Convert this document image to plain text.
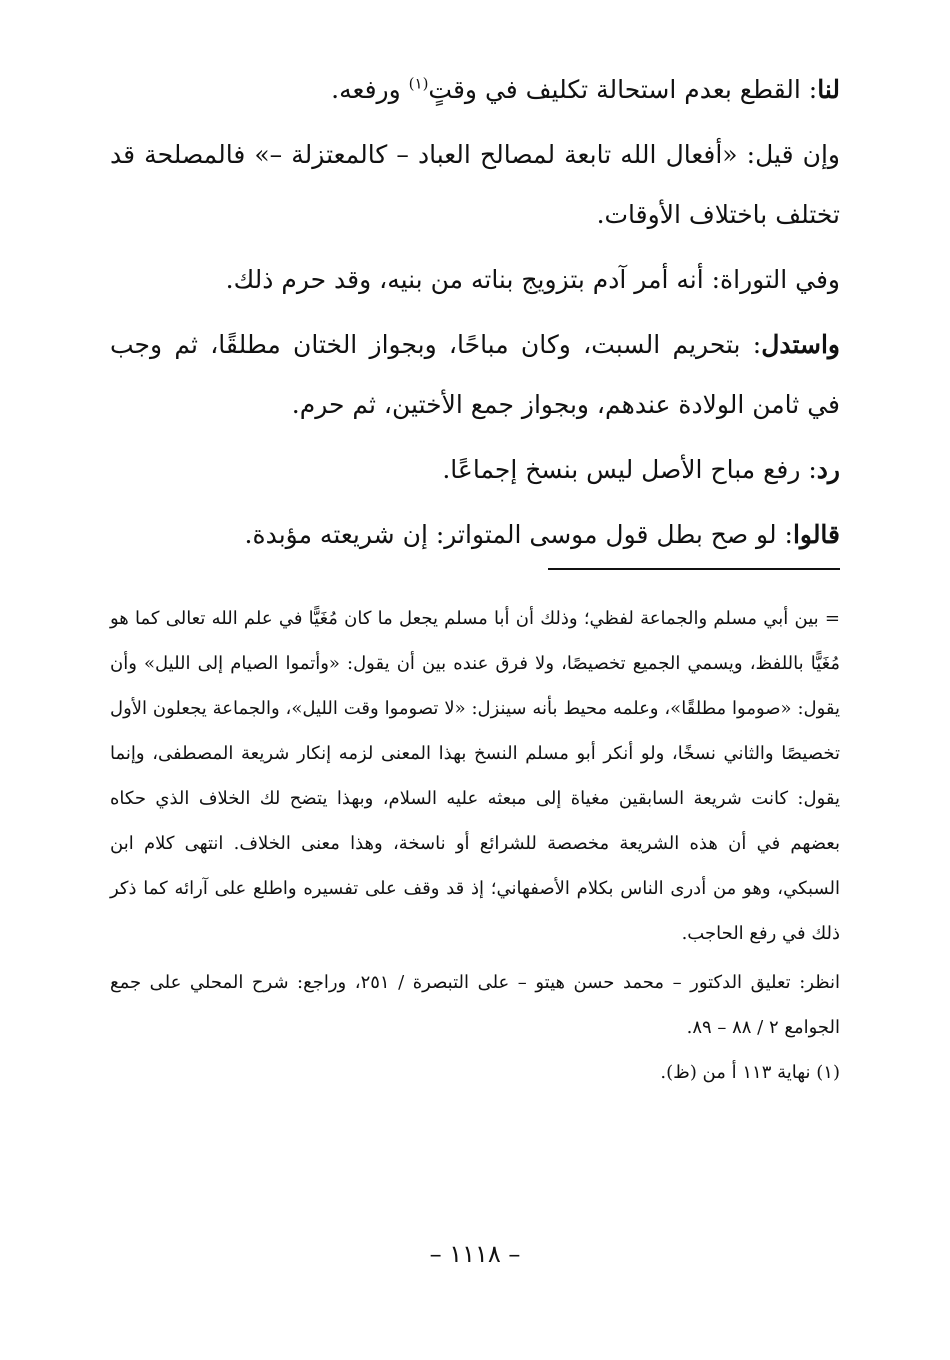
لنا: القطع بعدم استحالة تكليف في وقتٍ$^{(١)}$ ورفعه.

وإن قيل: «أفعال الله تابعة لمصالح العباد – كالمعتزلة –» فالمصلحة قد تختلف باختلاف الأوقات.

وفي التوراة: أنه أمر آدم بتزويج بناته من بنيه، وقد حرم ذلك.

واستدل: بتحريم السبت، وكان مباحًا، وبجواز الختان مطلقًا، ثم وجب في ثامن الولادة عندهم، وبجواز جمع الأختين، ثم حرم.

رد: رفع مباح الأصل ليس بنسخ إجماعًا.

قالوا: لو صح بطل قول موسى المتواتر: إن شريعته مؤبدة.

= بين أبي مسلم والجماعة لفظي؛ وذلك أن أبا مسلم يجعل ما كان مُغَيًّا في علم الله تعالى كما هو مُغَيًّا باللفظ، ويسمي الجميع تخصيصًا، ولا فرق عنده بين أن يقول: «وأتموا الصيام إلى الليل» وأن يقول: «صوموا مطلقًا»، وعلمه محيط بأنه سينزل: «لا تصوموا وقت الليل»، والجماعة يجعلون الأول تخصيصًا والثاني نسخًا، ولو أنكر أبو مسلم النسخ بهذا المعنى لزمه إنكار شريعة المصطفى، وإنما يقول: كانت شريعة السابقين مغياة إلى مبعثه عليه السلام، وبهذا يتضح لك الخلاف الذي حكاه بعضهم في أن هذه الشريعة مخصصة للشرائع أو ناسخة، وهذا معنى الخلاف. انتهى كلام ابن السبكي، وهو من أدرى الناس بكلام الأصفهاني؛ إذ قد وقف على تفسيره واطلع على آرائه كما ذكر ذلك في رفع الحاجب.

انظر: تعليق الدكتور – محمد حسن هيتو – على التبصرة / ٢٥١، وراجع: شرح المحلي على جمع الجوامع ٢ / ٨٨ – ٨٩.

(١) نهاية ١١٣ أ من (ظ).

– ١١١٨ –
